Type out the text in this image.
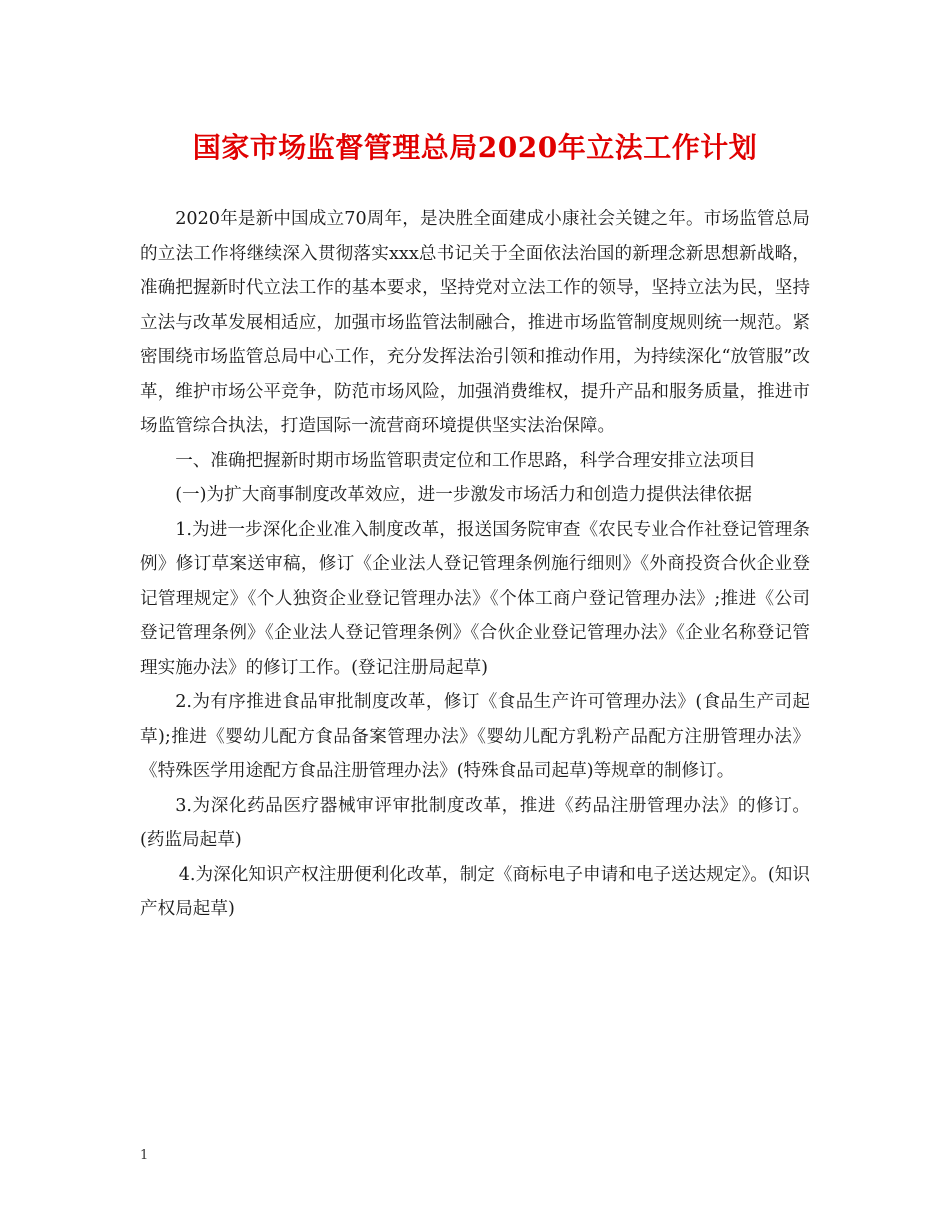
国家市场监督管理总局2020年立法工作计划

2020年是新中国成立70周年，是决胜全面建成小康社会关键之年。市场监管总局的立法工作将继续深入贯彻落实xxx总书记关于全面依法治国的新理念新思想新战略，准确把握新时代立法工作的基本要求，坚持党对立法工作的领导，坚持立法为民，坚持立法与改革发展相适应，加强市场监管法制融合，推进市场监管制度规则统一规范。紧密围绕市场监管总局中心工作，充分发挥法治引领和推动作用，为持续深化“放管服”改革，维护市场公平竞争，防范市场风险，加强消费维权，提升产品和服务质量，推进市场监管综合执法，打造国际一流营商环境提供坚实法治保障。

一、准确把握新时期市场监管职责定位和工作思路，科学合理安排立法项目

(一)为扩大商事制度改革效应，进一步激发市场活力和创造力提供法律依据

1.为进一步深化企业准入制度改革，报送国务院审查《农民专业合作社登记管理条例》修订草案送审稿，修订《企业法人登记管理条例施行细则》《外商投资合伙企业登记管理规定》《个人独资企业登记管理办法》《个体工商户登记管理办法》;推进《公司登记管理条例》《企业法人登记管理条例》《合伙企业登记管理办法》《企业名称登记管理实施办法》的修订工作。(登记注册局起草)

2.为有序推进食品审批制度改革，修订《食品生产许可管理办法》(食品生产司起草);推进《婴幼儿配方食品备案管理办法》《婴幼儿配方乳粉产品配方注册管理办法》《特殊医学用途配方食品注册管理办法》(特殊食品司起草)等规章的制修订。

3.为深化药品医疗器械审评审批制度改革，推进《药品注册管理办法》的修订。(药监局起草)

4.为深化知识产权注册便利化改革，制定《商标电子申请和电子送达规定》。(知识产权局起草)

1
